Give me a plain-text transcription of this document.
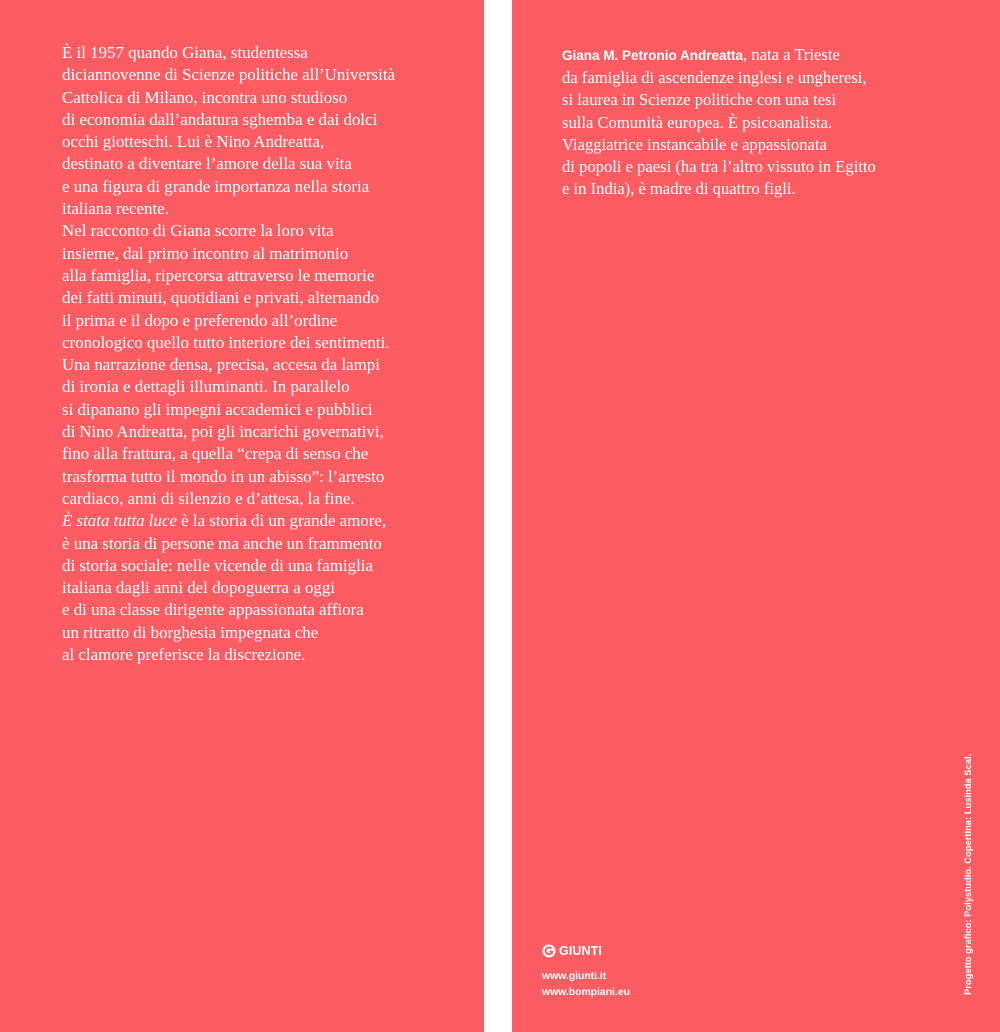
È il 1957 quando Giana, studentessa
diciannovenne di Scienze politiche all’Università
Cattolica di Milano, incontra uno studioso
di economia dall’andatura sghemba e dai dolci
occhi giotteschi. Lui è Nino Andreatta,
destinato a diventare l’amore della sua vita
e una figura di grande importanza nella storia
italiana recente.
Nel racconto di Giana scorre la loro vita
insieme, dal primo incontro al matrimonio
alla famiglia, ripercorsa attraverso le memorie
dei fatti minuti, quotidiani e privati, alternando
il prima e il dopo e preferendo all’ordine
cronologico quello tutto interiore dei sentimenti.
Una narrazione densa, precisa, accesa da lampi
di ironia e dettagli illuminanti. In parallelo
si dipanano gli impegni accademici e pubblici
di Nino Andreatta, poi gli incarichi governativi,
fino alla frattura, a quella “crepa di senso che
trasforma tutto il mondo in un abisso”: l’arresto
cardiaco, anni di silenzio e d’attesa, la fine.
È stata tutta luce è la storia di un grande amore,
è una storia di persone ma anche un frammento
di storia sociale: nelle vicende di una famiglia
italiana dagli anni del dopoguerra a oggi
e di una classe dirigente appassionata affiora
un ritratto di borghesia impegnata che
al clamore preferisce la discrezione.

Giana M. Petronio Andreatta, nata a Trieste
da famiglia di ascendenze inglesi e ungheresi,
si laurea in Scienze politiche con una tesi
sulla Comunità europea. È psicoanalista.
Viaggiatrice instancabile e appassionata
di popoli e paesi (ha tra l’altro vissuto in Egitto
e in India), è madre di quattro figli.

GIUNTI
www.giunti.it
www.bompiani.eu	Progetto grafico: Polystudio. Copertina: Lusinda Scal.
